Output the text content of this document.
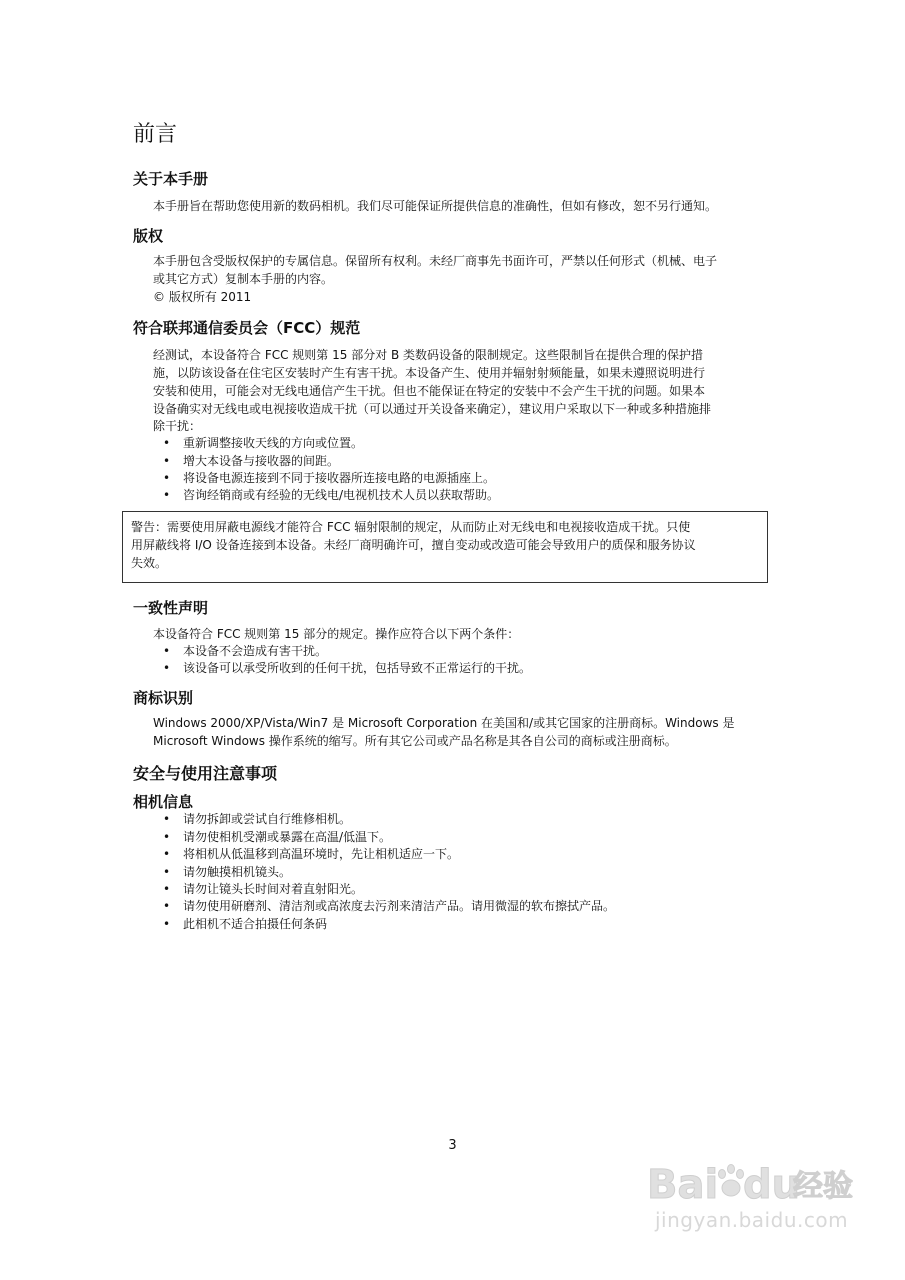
前言
关于本手册
本手册旨在帮助您使用新的数码相机。我们尽可能保证所提供信息的准确性，但如有修改，恕不另行通知。
版权
本手册包含受版权保护的专属信息。保留所有权利。未经厂商事先书面许可，严禁以任何形式（机械、电子
或其它方式）复制本手册的内容。
© 版权所有 2011
符合联邦通信委员会（FCC）规范
经测试，本设备符合 FCC 规则第 15 部分对 B 类数码设备的限制规定。这些限制旨在提供合理的保护措
施，以防该设备在住宅区安装时产生有害干扰。本设备产生、使用并辐射射频能量，如果未遵照说明进行
安装和使用，可能会对无线电通信产生干扰。但也不能保证在特定的安装中不会产生干扰的问题。如果本
设备确实对无线电或电视接收造成干扰（可以通过开关设备来确定），建议用户采取以下一种或多种措施排
除干扰：
• 重新调整接收天线的方向或位置。
• 增大本设备与接收器的间距。
• 将设备电源连接到不同于接收器所连接电路的电源插座上。
• 咨询经销商或有经验的无线电/电视机技术人员以获取帮助。
警告：需要使用屏蔽电源线才能符合 FCC 辐射限制的规定，从而防止对无线电和电视接收造成干扰。只使
用屏蔽线将 I/O 设备连接到本设备。未经厂商明确许可，擅自变动或改造可能会导致用户的质保和服务协议
失效。
一致性声明
本设备符合 FCC 规则第 15 部分的规定。操作应符合以下两个条件：
• 本设备不会造成有害干扰。
• 该设备可以承受所收到的任何干扰，包括导致不正常运行的干扰。
商标识别
Windows 2000/XP/Vista/Win7 是 Microsoft Corporation 在美国和/或其它国家的注册商标。Windows 是
Microsoft Windows 操作系统的缩写。所有其它公司或产品名称是其各自公司的商标或注册商标。
安全与使用注意事项
相机信息
• 请勿拆卸或尝试自行维修相机。
• 请勿使相机受潮或暴露在高温/低温下。
• 将相机从低温移到高温环境时，先让相机适应一下。
• 请勿触摸相机镜头。
• 请勿让镜头长时间对着直射阳光。
• 请勿使用研磨剂、清洁剂或高浓度去污剂来清洁产品。请用微湿的软布擦拭产品。
• 此相机不适合拍摄任何条码
3
Bai du
经验
jingyan.baidu.com
